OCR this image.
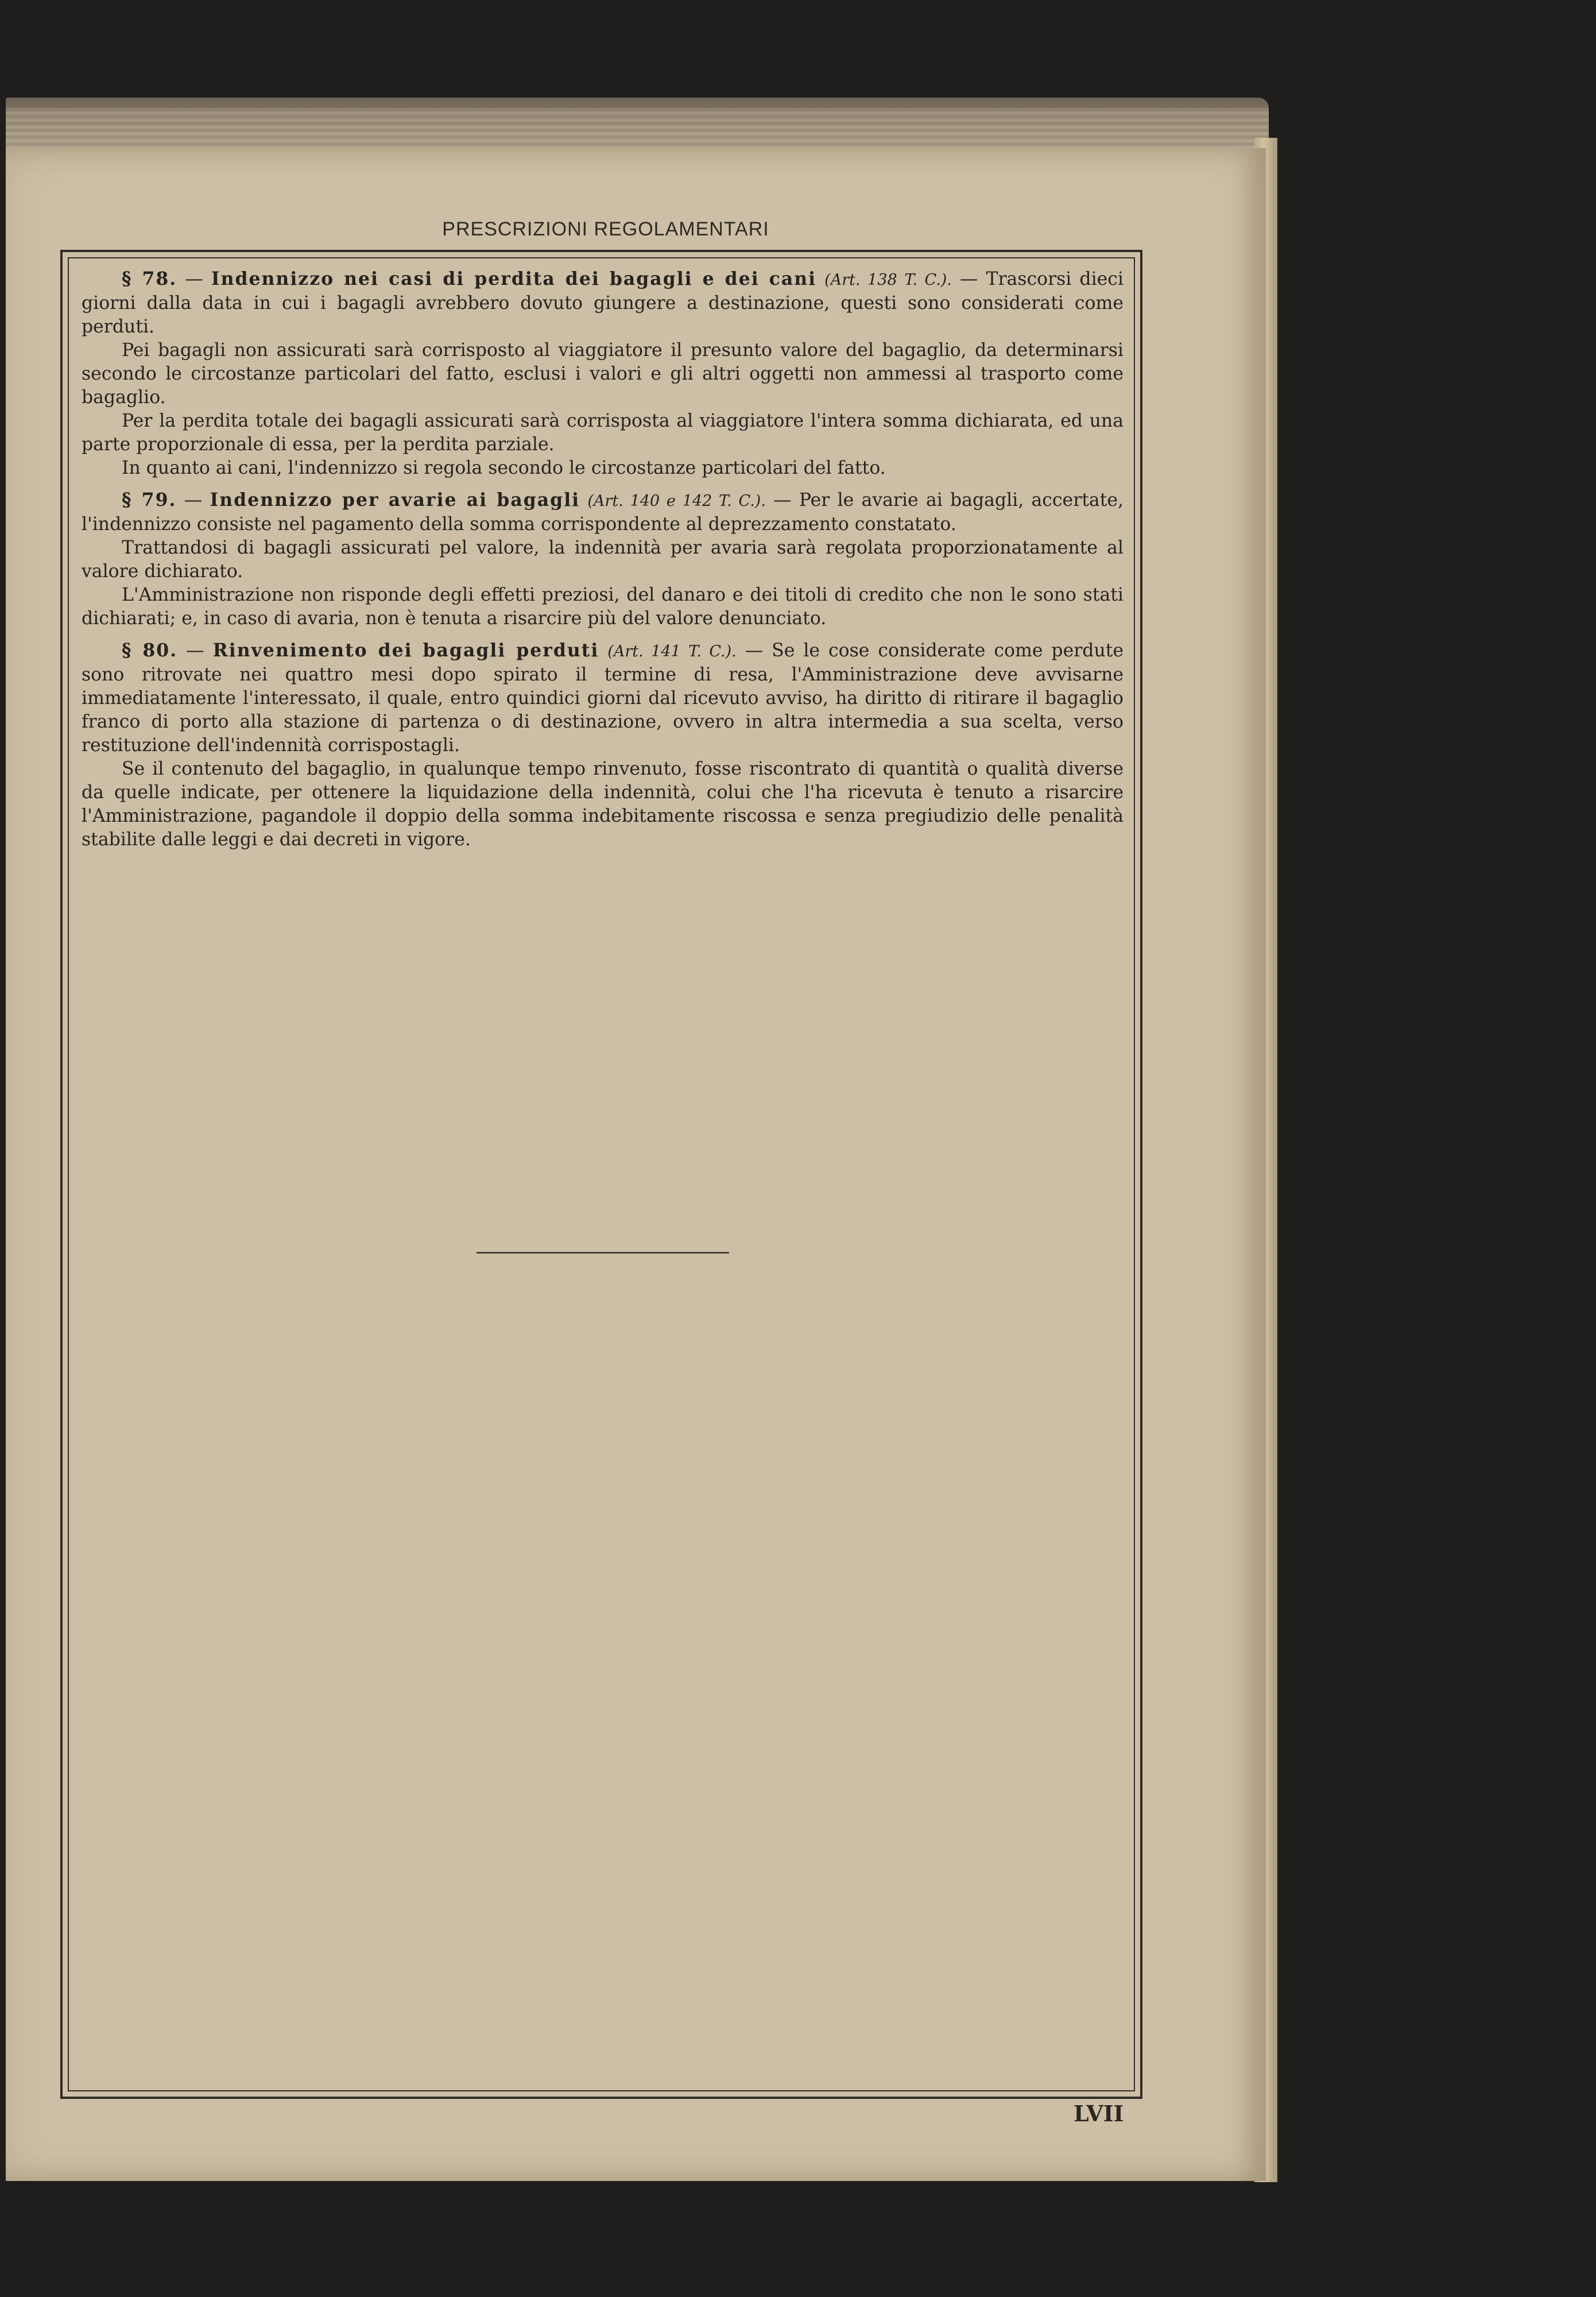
PRESCRIZIONI REGOLAMENTARI

§ 78. — Indennizzo nei casi di perdita dei bagagli e dei cani (Art. 138 T. C.). — Trascorsi dieci giorni dalla data in cui i bagagli avrebbero dovuto giungere a destinazione, questi sono considerati come perduti.

Pei bagagli non assicurati sarà corrisposto al viaggiatore il presunto valore del bagaglio, da determinarsi secondo le circostanze particolari del fatto, esclusi i valori e gli altri oggetti non ammessi al trasporto come bagaglio.

Per la perdita totale dei bagagli assicurati sarà corrisposta al viaggiatore l'intera somma dichiarata, ed una parte proporzionale di essa, per la perdita parziale.

In quanto ai cani, l'indennizzo si regola secondo le circostanze particolari del fatto.

§ 79. — Indennizzo per avarie ai bagagli (Art. 140 e 142 T. C.). — Per le avarie ai bagagli, accertate, l'indennizzo consiste nel pagamento della somma corrispondente al deprezzamento constatato.

Trattandosi di bagagli assicurati pel valore, la indennità per avaria sarà regolata proporzionatamente al valore dichiarato.

L'Amministrazione non risponde degli effetti preziosi, del danaro e dei titoli di credito che non le sono stati dichiarati; e, in caso di avaria, non è tenuta a risarcire più del valore denunciato.

§ 80. — Rinvenimento dei bagagli perduti (Art. 141 T. C.). — Se le cose considerate come perdute sono ritrovate nei quattro mesi dopo spirato il termine di resa, l'Amministrazione deve avvisarne immediatamente l'interessato, il quale, entro quindici giorni dal ricevuto avviso, ha diritto di ritirare il bagaglio franco di porto alla stazione di partenza o di destinazione, ovvero in altra intermedia a sua scelta, verso restituzione dell'indennità corrispostagli.

Se il contenuto del bagaglio, in qualunque tempo rinvenuto, fosse riscontrato di quantità o qualità diverse da quelle indicate, per ottenere la liquidazione della indennità, colui che l'ha ricevuta è tenuto a risarcire l'Amministrazione, pagandole il doppio della somma indebitamente riscossa e senza pregiudizio delle penalità stabilite dalle leggi e dai decreti in vigore.

LVII
